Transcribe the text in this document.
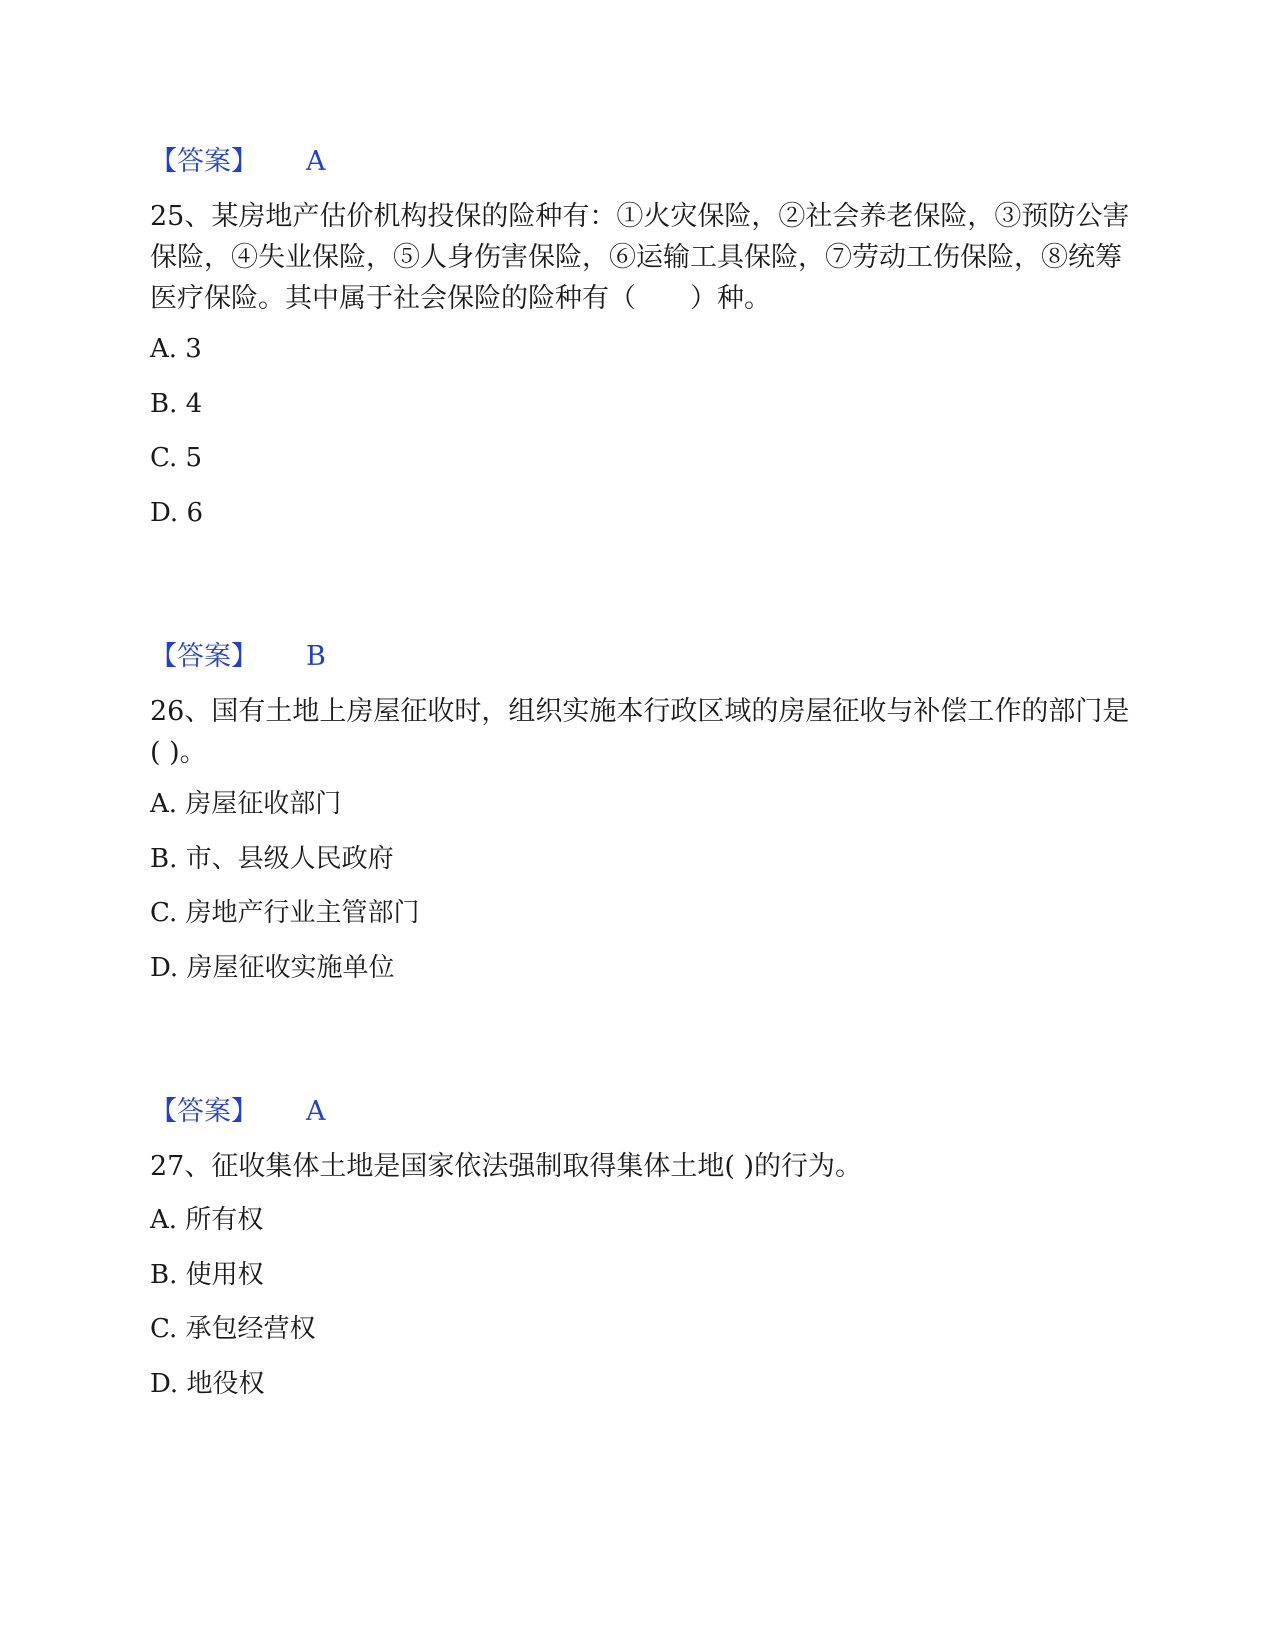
【答案】 A
25、某房地产估价机构投保的险种有：①火灾保险，②社会养老保险，③预防公害保险，④失业保险，⑤人身伤害保险，⑥运输工具保险，⑦劳动工伤保险，⑧统筹医疗保险。其中属于社会保险的险种有（　　）种。
A. 3
B. 4
C. 5
D. 6
【答案】 B
26、国有土地上房屋征收时，组织实施本行政区域的房屋征收与补偿工作的部门是( )。
A. 房屋征收部门
B. 市、县级人民政府
C. 房地产行业主管部门
D. 房屋征收实施单位
【答案】 A
27、征收集体土地是国家依法强制取得集体土地( )的行为。
A. 所有权
B. 使用权
C. 承包经营权
D. 地役权
